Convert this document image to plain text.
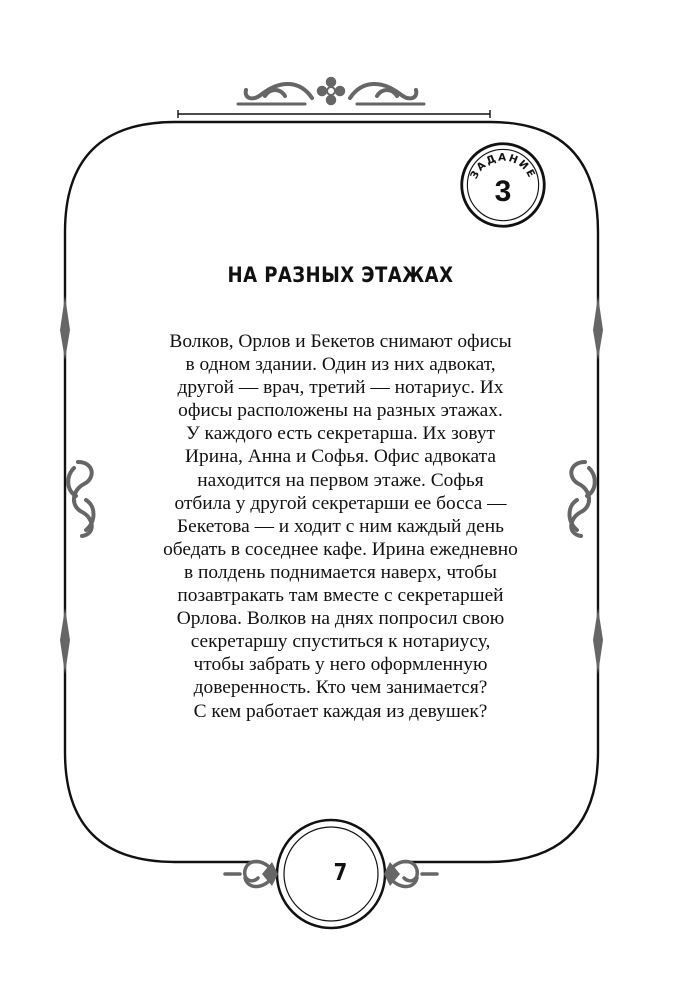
ЗАДАНИЕ
3
НА РАЗНЫХ ЭТАЖАХ
Волков, Орлов и Бекетов снимают офисы
в одном здании. Один из них адвокат,
другой — врач, третий — нотариус. Их
офисы расположены на разных этажах.
У каждого есть секретарша. Их зовут
Ирина, Анна и Софья. Офис адвоката
находится на первом этаже. Софья
отбила у другой секретарши ее босса —
Бекетова — и ходит с ним каждый день
обедать в соседнее кафе. Ирина ежедневно
в полдень поднимается наверх, чтобы
позавтракать там вместе с секретаршей
Орлова. Волков на днях попросил свою
секретаршу спуститься к нотариусу,
чтобы забрать у него оформленную
доверенность. Кто чем занимается?
С кем работает каждая из девушек?
7
